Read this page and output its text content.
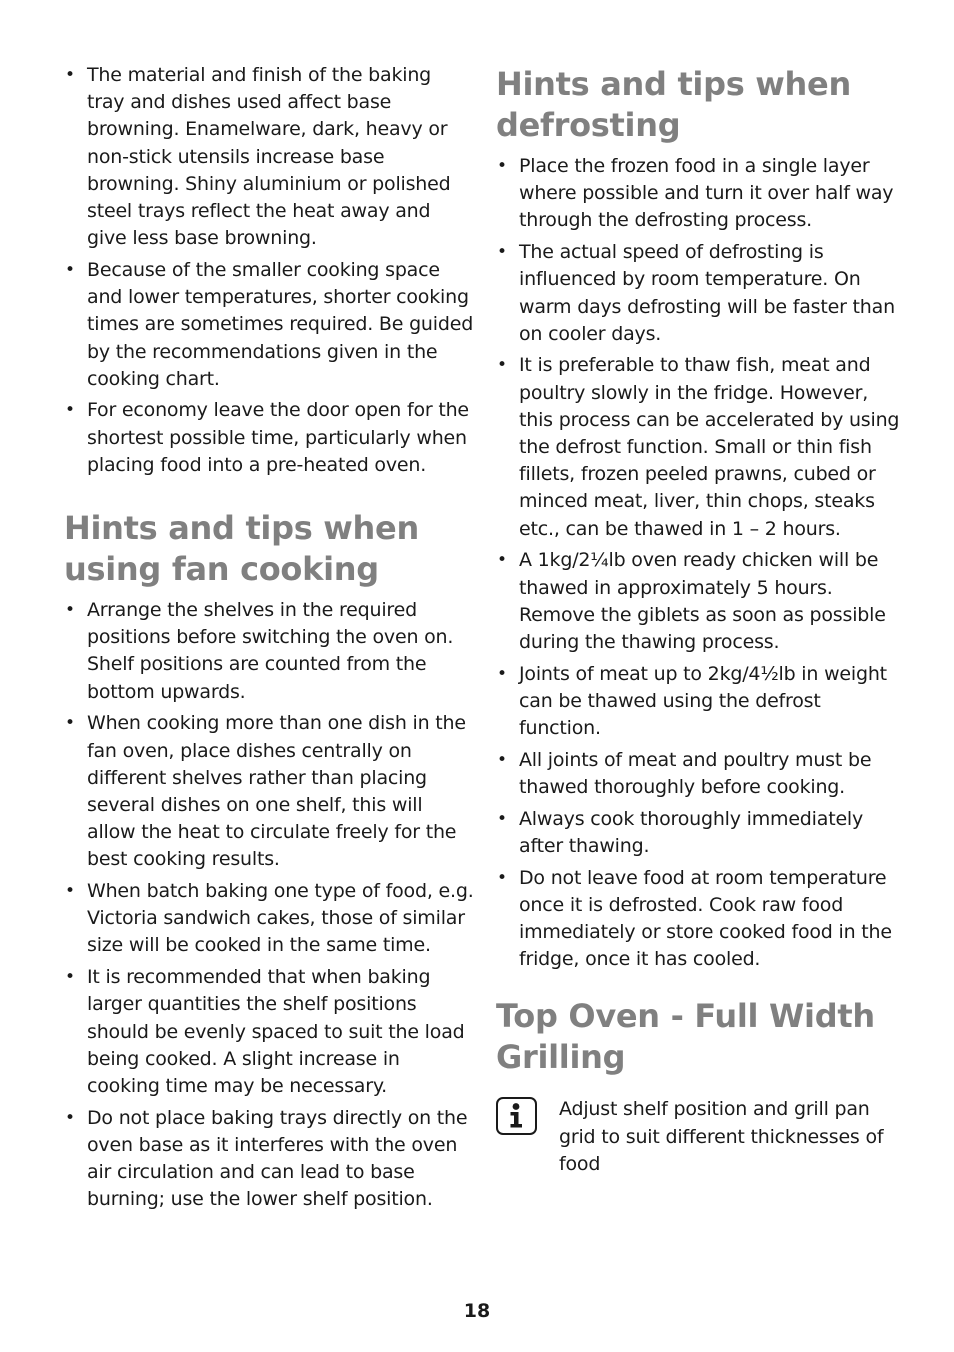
• The material and finish of the baking tray and dishes used affect base browning. Enamelware, dark, heavy or non-stick utensils increase base browning. Shiny aluminium or polished steel trays reflect the heat away and give less base browning.
• Because of the smaller cooking space and lower temperatures, shorter cooking times are sometimes required. Be guided by the recommendations given in the cooking chart.
• For economy leave the door open for the shortest possible time, particularly when placing food into a pre-heated oven.
Hints and tips when using fan cooking
• Arrange the shelves in the required positions before switching the oven on. Shelf positions are counted from the bottom upwards.
• When cooking more than one dish in the fan oven, place dishes centrally on different shelves rather than placing several dishes on one shelf, this will allow the heat to circulate freely for the best cooking results.
• When batch baking one type of food, e.g. Victoria sandwich cakes, those of similar size will be cooked in the same time.
• It is recommended that when baking larger quantities the shelf positions should be evenly spaced to suit the load being cooked. A slight increase in cooking time may be necessary.
• Do not place baking trays directly on the oven base as it interferes with the oven air circulation and can lead to base burning; use the lower shelf position.
Hints and tips when defrosting
• Place the frozen food in a single layer where possible and turn it over half way through the defrosting process.
• The actual speed of defrosting is influenced by room temperature. On warm days defrosting will be faster than on cooler days.
• It is preferable to thaw fish, meat and poultry slowly in the fridge. However, this process can be accelerated by using the defrost function. Small or thin fish fillets, frozen peeled prawns, cubed or minced meat, liver, thin chops, steaks etc., can be thawed in 1 – 2 hours.
• A 1kg/2¼lb oven ready chicken will be thawed in approximately 5 hours. Remove the giblets as soon as possible during the thawing process.
• Joints of meat up to 2kg/4½lb in weight can be thawed using the defrost function.
• All joints of meat and poultry must be thawed thoroughly before cooking.
• Always cook thoroughly immediately after thawing.
• Do not leave food at room temperature once it is defrosted. Cook raw food immediately or store cooked food in the fridge, once it has cooled.
Top Oven - Full Width Grilling
Adjust shelf position and grill pan grid to suit different thicknesses of food
18
